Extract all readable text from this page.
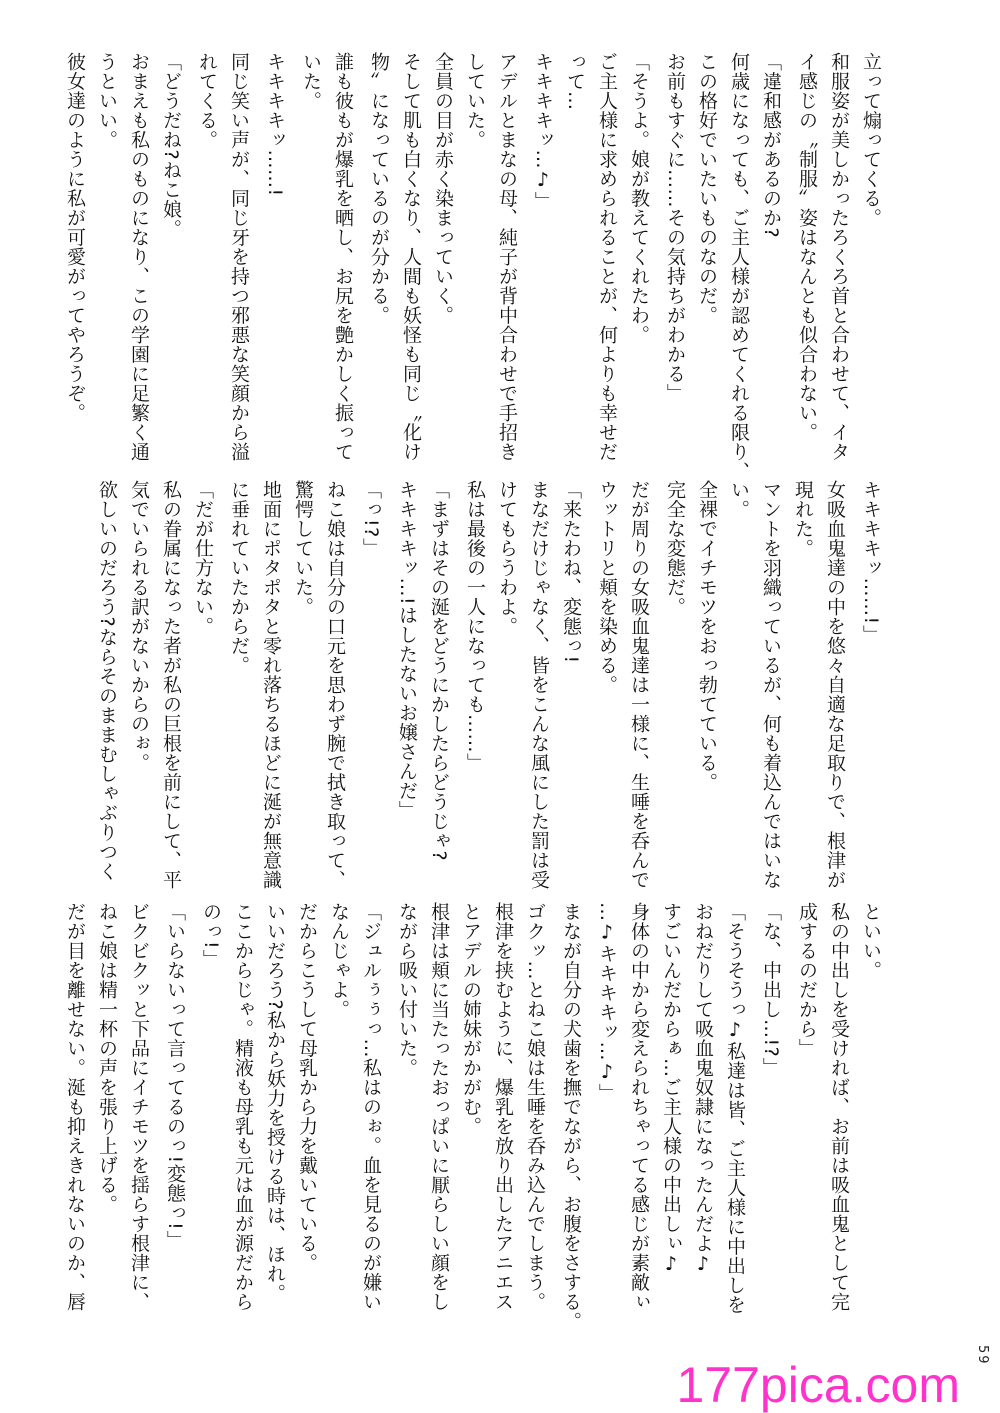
立って煽ってくる。
和服姿が美しかったろくろ首と合わせて、イタ
イ感じの〝制服〟姿はなんとも似合わない。
「違和感があるのか?
何歳になっても、ご主人様が認めてくれる限り、
この格好でいたいものなのだ。
お前もすぐに……その気持ちがわかる」
「そうよ。娘が教えてくれたわ。
ご主人様に求められることが、何よりも幸せだ
って…
キキキキッ…♪」
アデルとまなの母、純子が背中合わせで手招き
していた。
全員の目が赤く染まっていく。
そして肌も白くなり、人間も妖怪も同じ〝化け
物〟になっているのが分かる。
誰も彼もが爆乳を晒し、お尻を艶かしく振って
いた。
キキキキッ……!
同じ笑い声が、同じ牙を持つ邪悪な笑顔から溢
れてくる。
「どうだね?ねこ娘。
おまえも私のものになり、この学園に足繁く通
うといい。
彼女達のように私が可愛がってやろうぞ。
キキキキッ……!」
女吸血鬼達の中を悠々自適な足取りで、根津が
現れた。
マントを羽織っているが、何も着込んではいな
い。
全裸でイチモツをおっ勃てている。
完全な変態だ。
だが周りの女吸血鬼達は一様に、生唾を呑んで
ウットリと頬を染める。
「来たわね、変態っ!
まなだけじゃなく、皆をこんな風にした罰は受
けてもらうわよ。
私は最後の一人になっても……」
「まずはその涎をどうにかしたらどうじゃ?
キキキキッ…!はしたないお嬢さんだ」
「っ!?」
ねこ娘は自分の口元を思わず腕で拭き取って、
驚愕していた。
地面にポタポタと零れ落ちるほどに涎が無意識
に垂れていたからだ。
「だが仕方ない。
私の眷属になった者が私の巨根を前にして、平
気でいられる訳がないからのぉ。
欲しいのだろう?ならそのままむしゃぶりつく
といい。
私の中出しを受ければ、お前は吸血鬼として完
成するのだから」
「な、中出し…!?」
「そうそうっ♪私達は皆、ご主人様に中出しを
おねだりして吸血鬼奴隷になったんだよ♪
すごいんだからぁ…ご主人様の中出しぃ♪
身体の中から変えられちゃってる感じが素敵ぃ
…♪キキキキッ…♪」
まなが自分の犬歯を撫でながら、お腹をさする。
ゴクッ…とねこ娘は生唾を呑み込んでしまう。
根津を挟むように、爆乳を放り出したアニエス
とアデルの姉妹がかがむ。
根津は頬に当たったおっぱいに厭らしい顔をし
ながら吸い付いた。
「ジュルぅぅっ…私はのぉ。血を見るのが嫌い
なんじゃよ。
だからこうして母乳から力を戴いている。
いいだろう?私から妖力を授ける時は、ほれ。
ここからじゃ。精液も母乳も元は血が源だから
のっ!」
「いらないって言ってるのっ!変態っ!」
ビクビクッと下品にイチモツを揺らす根津に、
ねこ娘は精一杯の声を張り上げる。
だが目を離せない。涎も抑えきれないのか、唇
59
177pica.com
